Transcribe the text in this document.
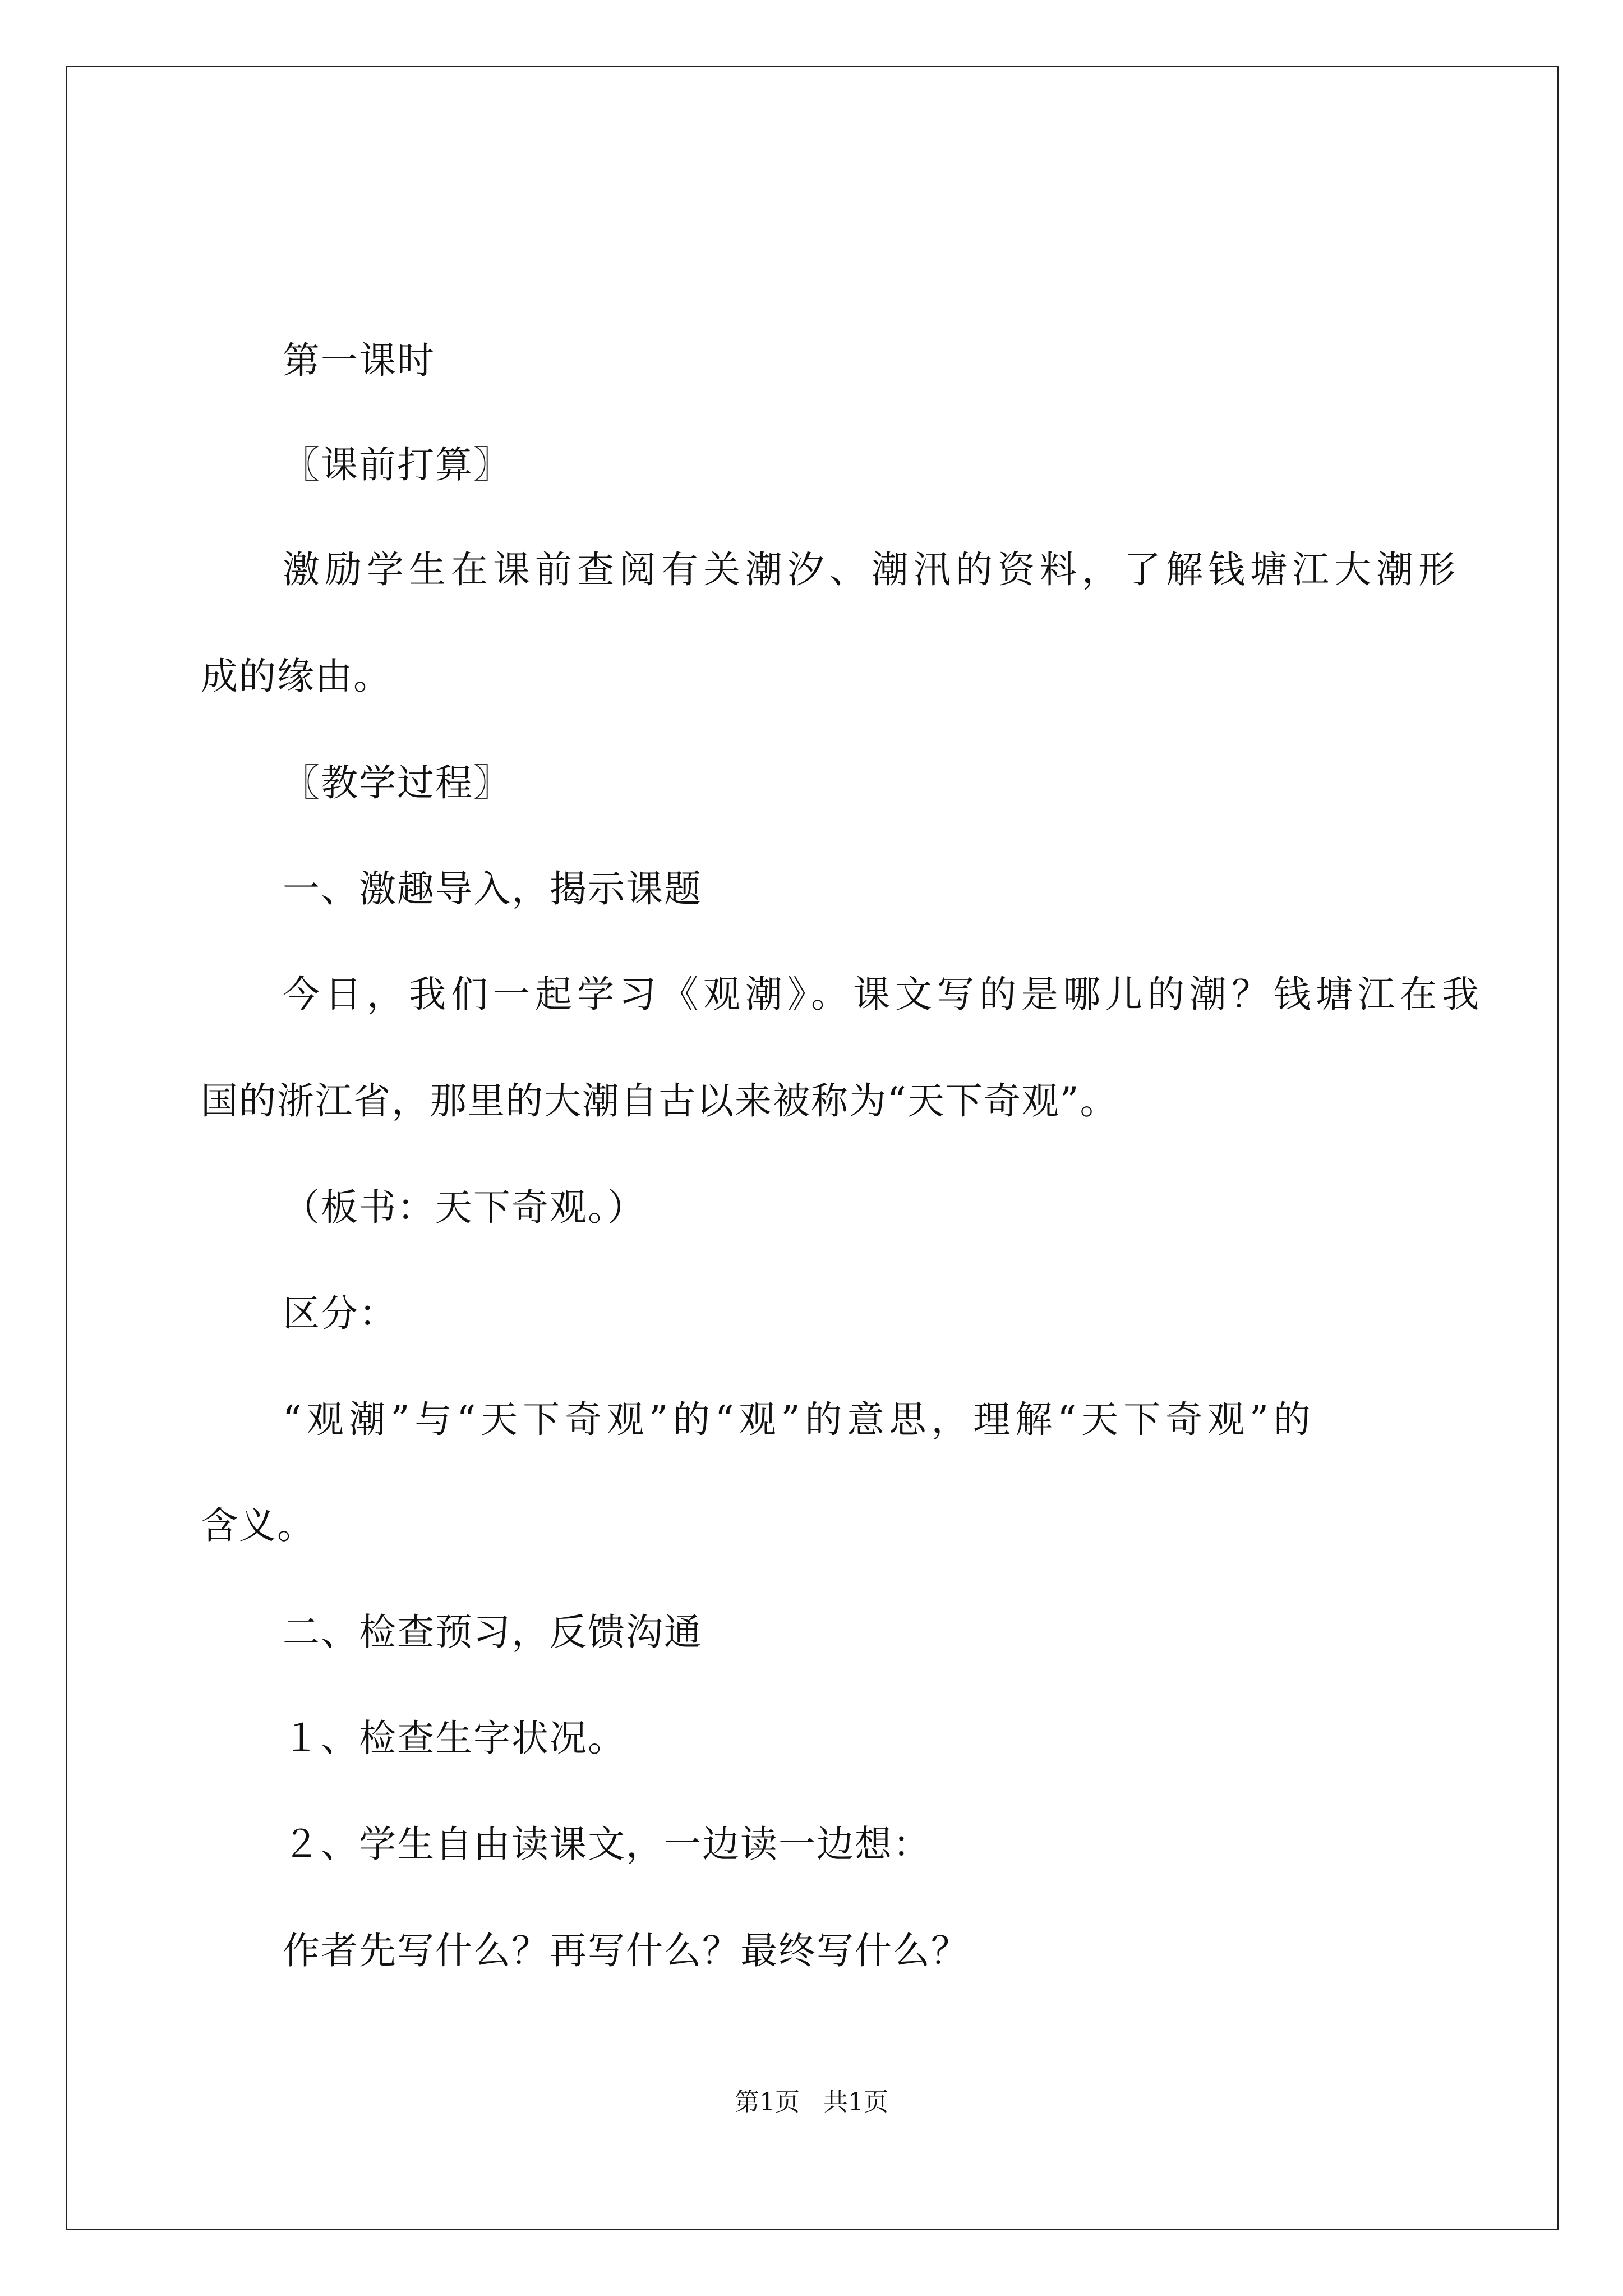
第一课时
〖课前打算〗
激励学生在课前查阅有关潮汐、潮汛的资料，了解钱塘江大潮形
成的缘由。
〖教学过程〗
一、激趣导入，揭示课题
今日，我们一起学习《观潮》。课文写的是哪儿的潮？钱塘江在我
国的浙江省，那里的大潮自古以来被称为“天下奇观”。
（板书：天下奇观。）
区分：
“观潮”与“天下奇观”的“观”的意思，理解“天下奇观”的
含义。
二、检查预习，反馈沟通
１、检查生字状况。
２、学生自由读课文，一边读一边想：
作者先写什么？再写什么？最终写什么？
第1页   共1页
